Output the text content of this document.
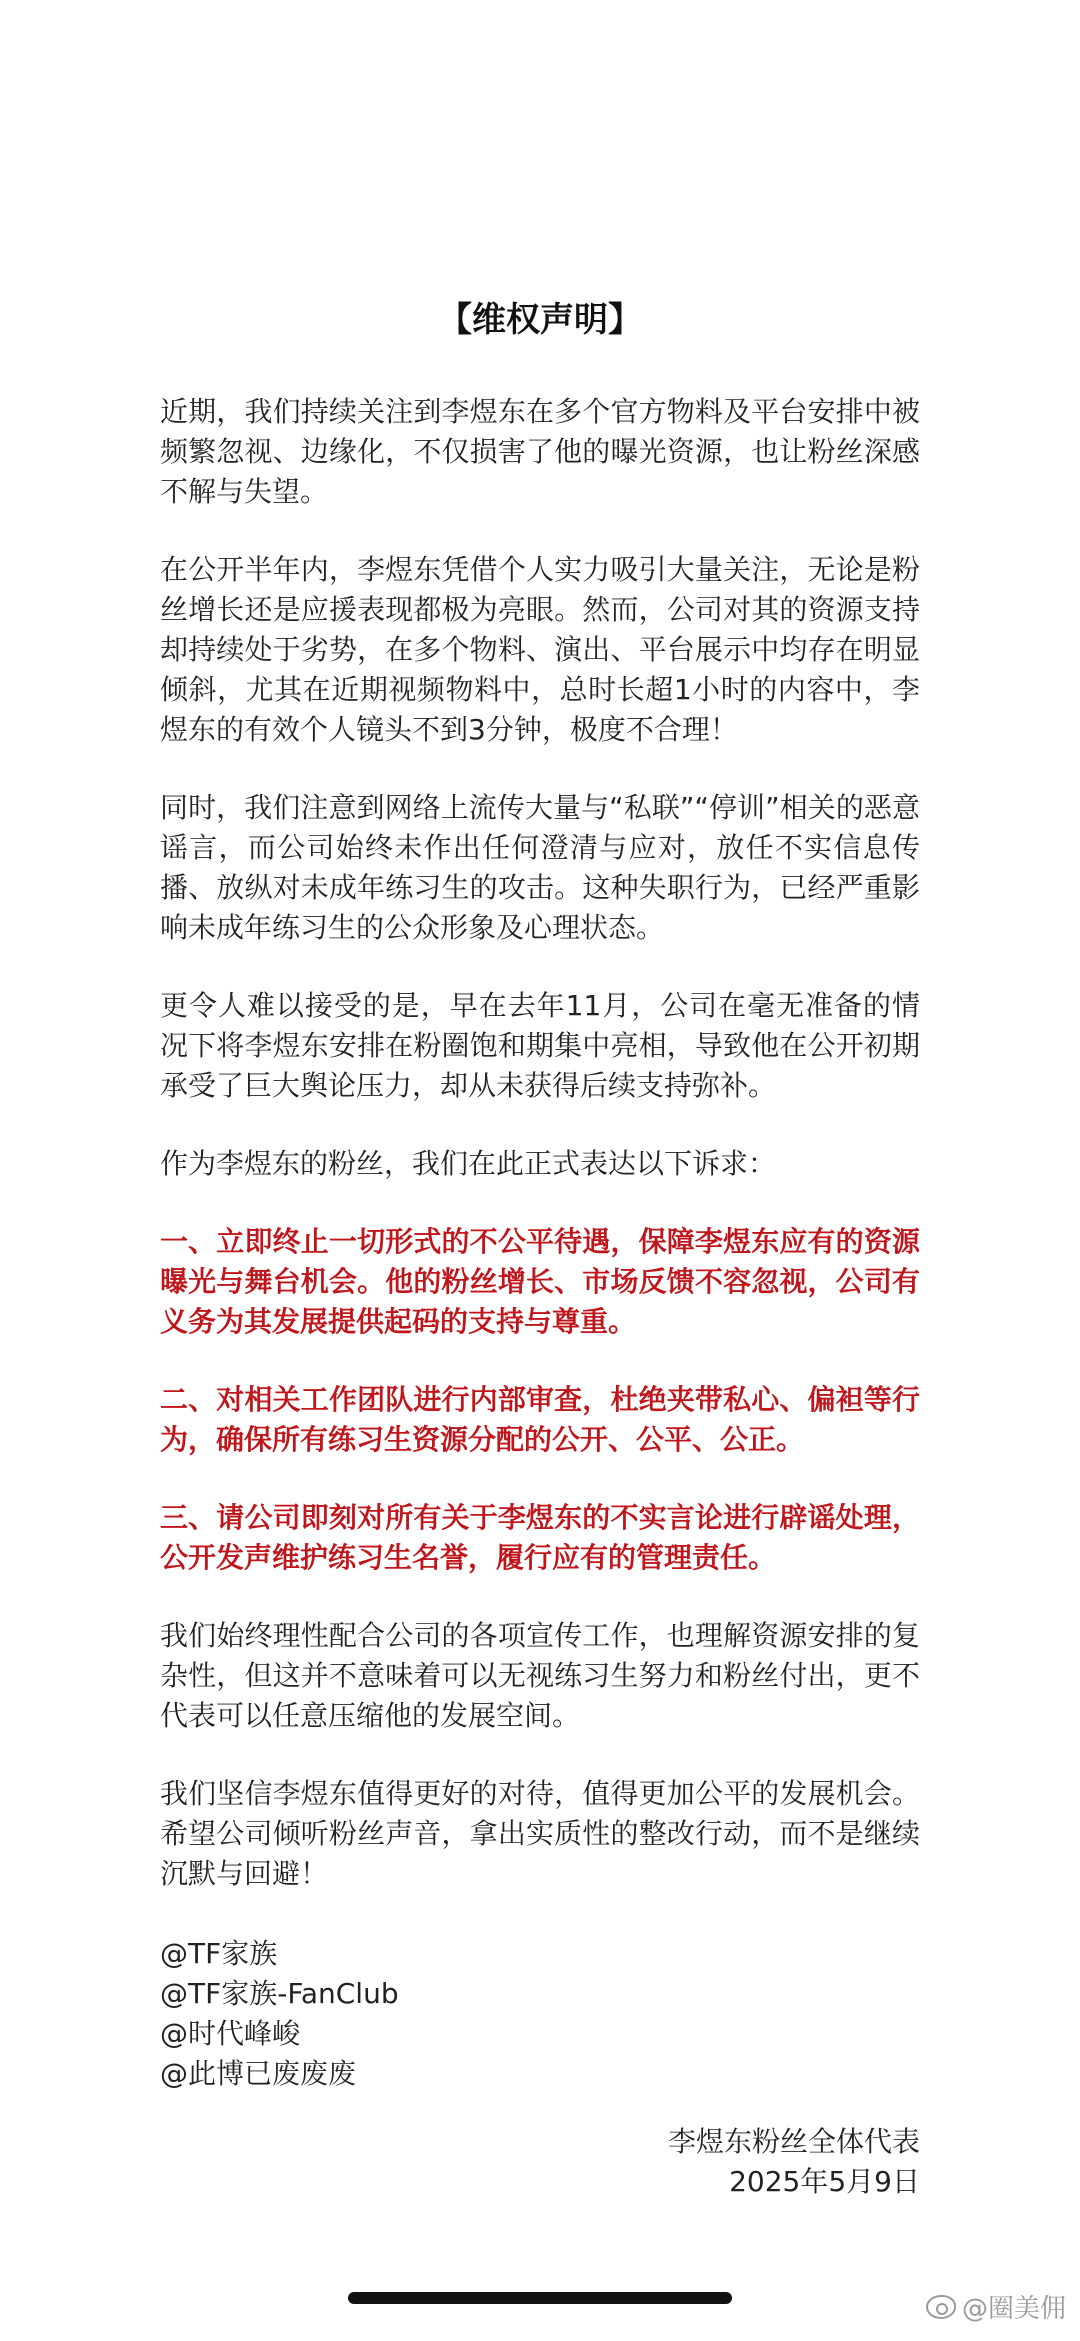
【维权声明】

近期，我们持续关注到李煜东在多个官方物料及平台安排中被频繁忽视、边缘化，不仅损害了他的曝光资源，也让粉丝深感不解与失望。

在公开半年内，李煜东凭借个人实力吸引大量关注，无论是粉丝增长还是应援表现都极为亮眼。然而，公司对其的资源支持却持续处于劣势，在多个物料、演出、平台展示中均存在明显倾斜，尤其在近期视频物料中，总时长超1小时的内容中，李煜东的有效个人镜头不到3分钟，极度不合理！

同时，我们注意到网络上流传大量与“私联”“停训”相关的恶意谣言，而公司始终未作出任何澄清与应对，放任不实信息传播、放纵对未成年练习生的攻击。这种失职行为，已经严重影响未成年练习生的公众形象及心理状态。

更令人难以接受的是，早在去年11月，公司在毫无准备的情况下将李煜东安排在粉圈饱和期集中亮相，导致他在公开初期承受了巨大舆论压力，却从未获得后续支持弥补。

作为李煜东的粉丝，我们在此正式表达以下诉求：

一、立即终止一切形式的不公平待遇，保障李煜东应有的资源曝光与舞台机会。他的粉丝增长、市场反馈不容忽视，公司有义务为其发展提供起码的支持与尊重。

二、对相关工作团队进行内部审查，杜绝夹带私心、偏袒等行为，确保所有练习生资源分配的公开、公平、公正。

三、请公司即刻对所有关于李煜东的不实言论进行辟谣处理，公开发声维护练习生名誉，履行应有的管理责任。

我们始终理性配合公司的各项宣传工作，也理解资源安排的复杂性，但这并不意味着可以无视练习生努力和粉丝付出，更不代表可以任意压缩他的发展空间。

我们坚信李煜东值得更好的对待，值得更加公平的发展机会。希望公司倾听粉丝声音，拿出实质性的整改行动，而不是继续沉默与回避！

@TF家族
@TF家族-FanClub
@时代峰峻
@此博已废废废
李煜东粉丝全体代表
2025年5月9日
@圈美佣
